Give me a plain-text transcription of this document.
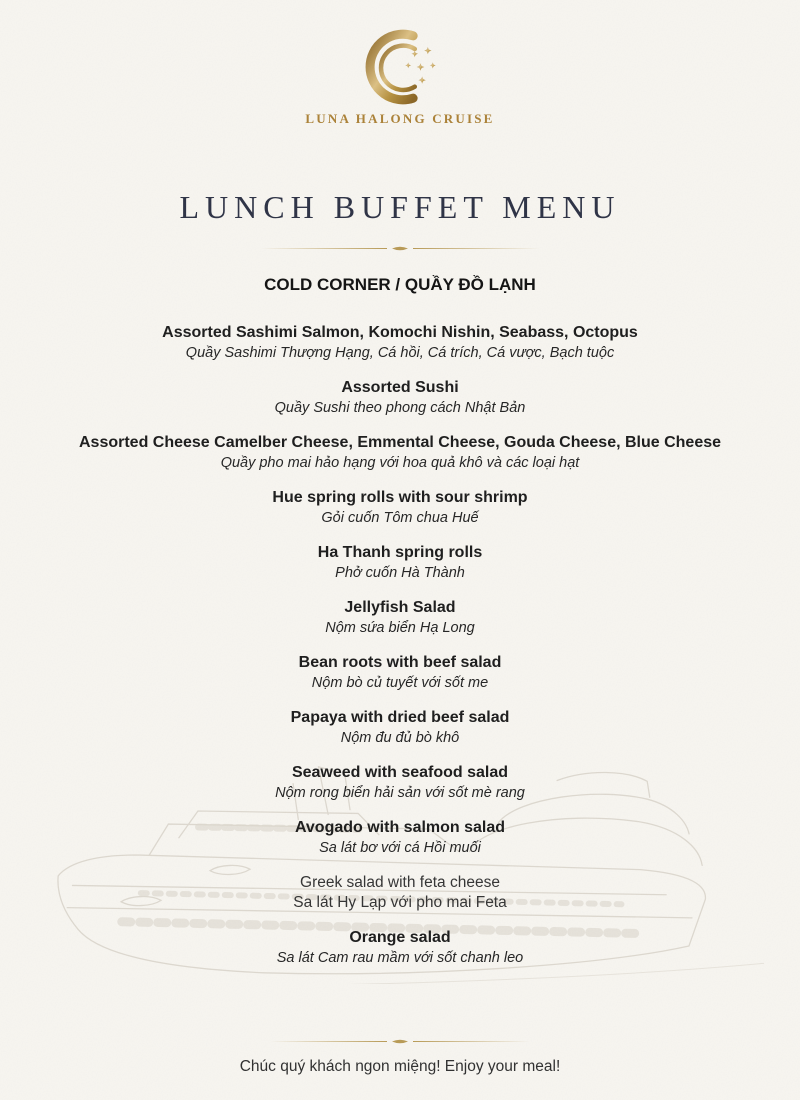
LUNA HALONG CRUISE
LUNCH BUFFET MENU
COLD CORNER / QUẦY ĐỒ LẠNH
Assorted Sashimi Salmon, Komochi Nishin, Seabass, Octopus
Quầy Sashimi Thượng Hạng, Cá hồi, Cá trích, Cá vược, Bạch tuộc
Assorted Sushi
Quầy Sushi theo phong cách Nhật Bản
Assorted Cheese Camelber Cheese, Emmental Cheese, Gouda Cheese, Blue Cheese
Quầy pho mai hảo hạng với hoa quả khô và các loại hạt
Hue spring rolls with sour shrimp
Gỏi cuốn Tôm chua Huế
Ha Thanh spring rolls
Phở cuốn Hà Thành
Jellyfish Salad
Nộm sứa biển Hạ Long
Bean roots with beef salad
Nộm bò củ tuyết với sốt me
Papaya with dried beef salad
Nộm đu đủ bò khô
Seaweed with seafood salad
Nộm rong biển hải sản với sốt mè rang
Avogado with salmon salad
Sa lát bơ với cá Hồi muối
Greek salad with feta cheese
Sa lát Hy Lạp với pho mai Feta
Orange salad
Sa lát Cam rau mầm với sốt chanh leo
Chúc quý khách ngon miệng! Enjoy your meal!
